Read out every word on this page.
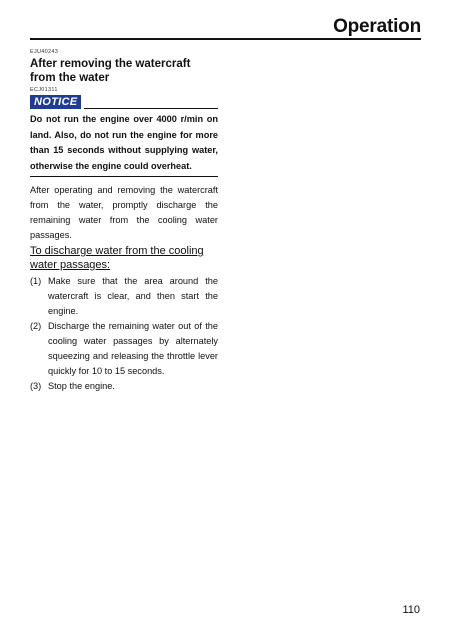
Operation
EJU40243
After removing the watercraft from the water
ECJ01311
NOTICE
Do not run the engine over 4000 r/min on land. Also, do not run the engine for more than 15 seconds without supplying water, otherwise the engine could overheat.
After operating and removing the watercraft from the water, promptly discharge the remaining water from the cooling water passages.
To discharge water from the cooling water passages:
(1) Make sure that the area around the watercraft is clear, and then start the engine.
(2) Discharge the remaining water out of the cooling water passages by alternately squeezing and releasing the throttle lever quickly for 10 to 15 seconds.
(3) Stop the engine.
110
